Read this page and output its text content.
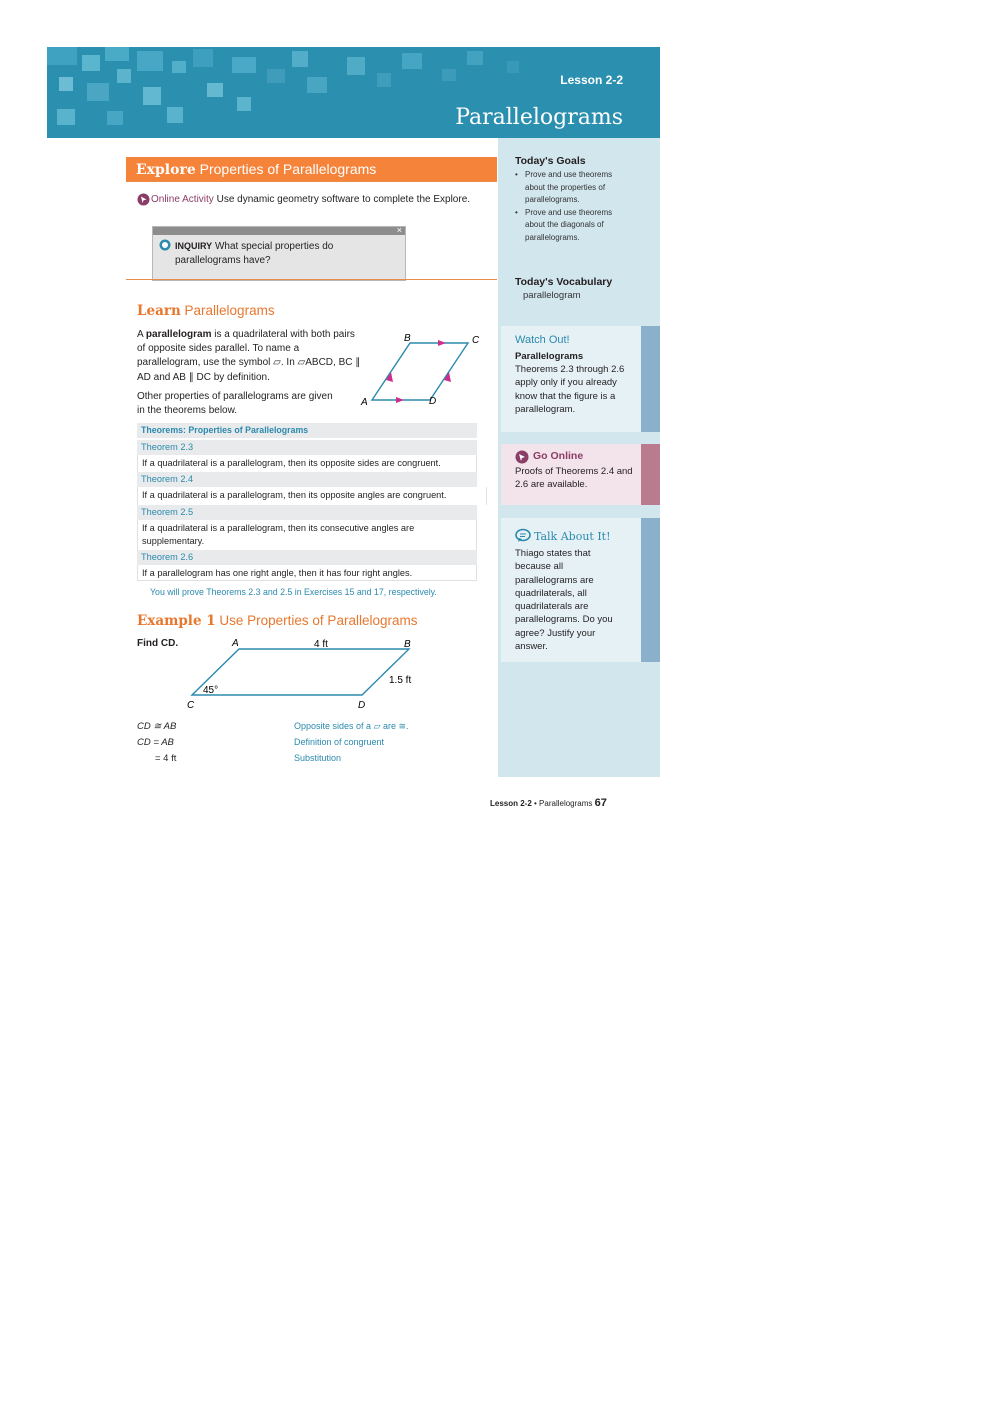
Lesson 2-2
Parallelograms
Today's Goals
• Prove and use theorems about the properties of parallelograms.
• Prove and use theorems about the diagonals of parallelograms.
Today's Vocabulary
parallelogram
Watch Out!
Parallelograms
Theorems 2.3 through 2.6 apply only if you already know that the figure is a parallelogram.
Go Online
Proofs of Theorems 2.4 and 2.6 are available.
Talk About It!
Thiago states that because all parallelograms are quadrilaterals, all quadrilaterals are parallelograms. Do you agree? Justify your answer.
Explore Properties of Parallelograms
Online Activity Use dynamic geometry software to complete the Explore.
×
INQUIRY What special properties do parallelograms have?
Learn Parallelograms
A parallelogram is a quadrilateral with both pairs of opposite sides parallel. To name a parallelogram, use the symbol ▱. In ▱ABCD, BC ∥ AD and AB ∥ DC by definition.
Other properties of parallelograms are given in the theorems below.
A
B	C
D
Theorems: Properties of Parallelograms
Theorem 2.3
If a quadrilateral is a parallelogram, then its opposite sides are congruent.
Theorem 2.4
If a quadrilateral is a parallelogram, then its opposite angles are congruent.
Theorem 2.5
If a quadrilateral is a parallelogram, then its consecutive angles are supplementary.
Theorem 2.6
If a parallelogram has one right angle, then it has four right angles.
You will prove Theorems 2.3 and 2.5 in Exercises 15 and 17, respectively.
Example 1 Use Properties of Parallelograms
Find CD.	A	4 ft	B
1.5 ft
45°
C	D
CD ≅ AB	Opposite sides of a ▱ are ≅.
CD = AB	Definition of congruent
= 4 ft	Substitution
Lesson 2-2 • Parallelograms 67
